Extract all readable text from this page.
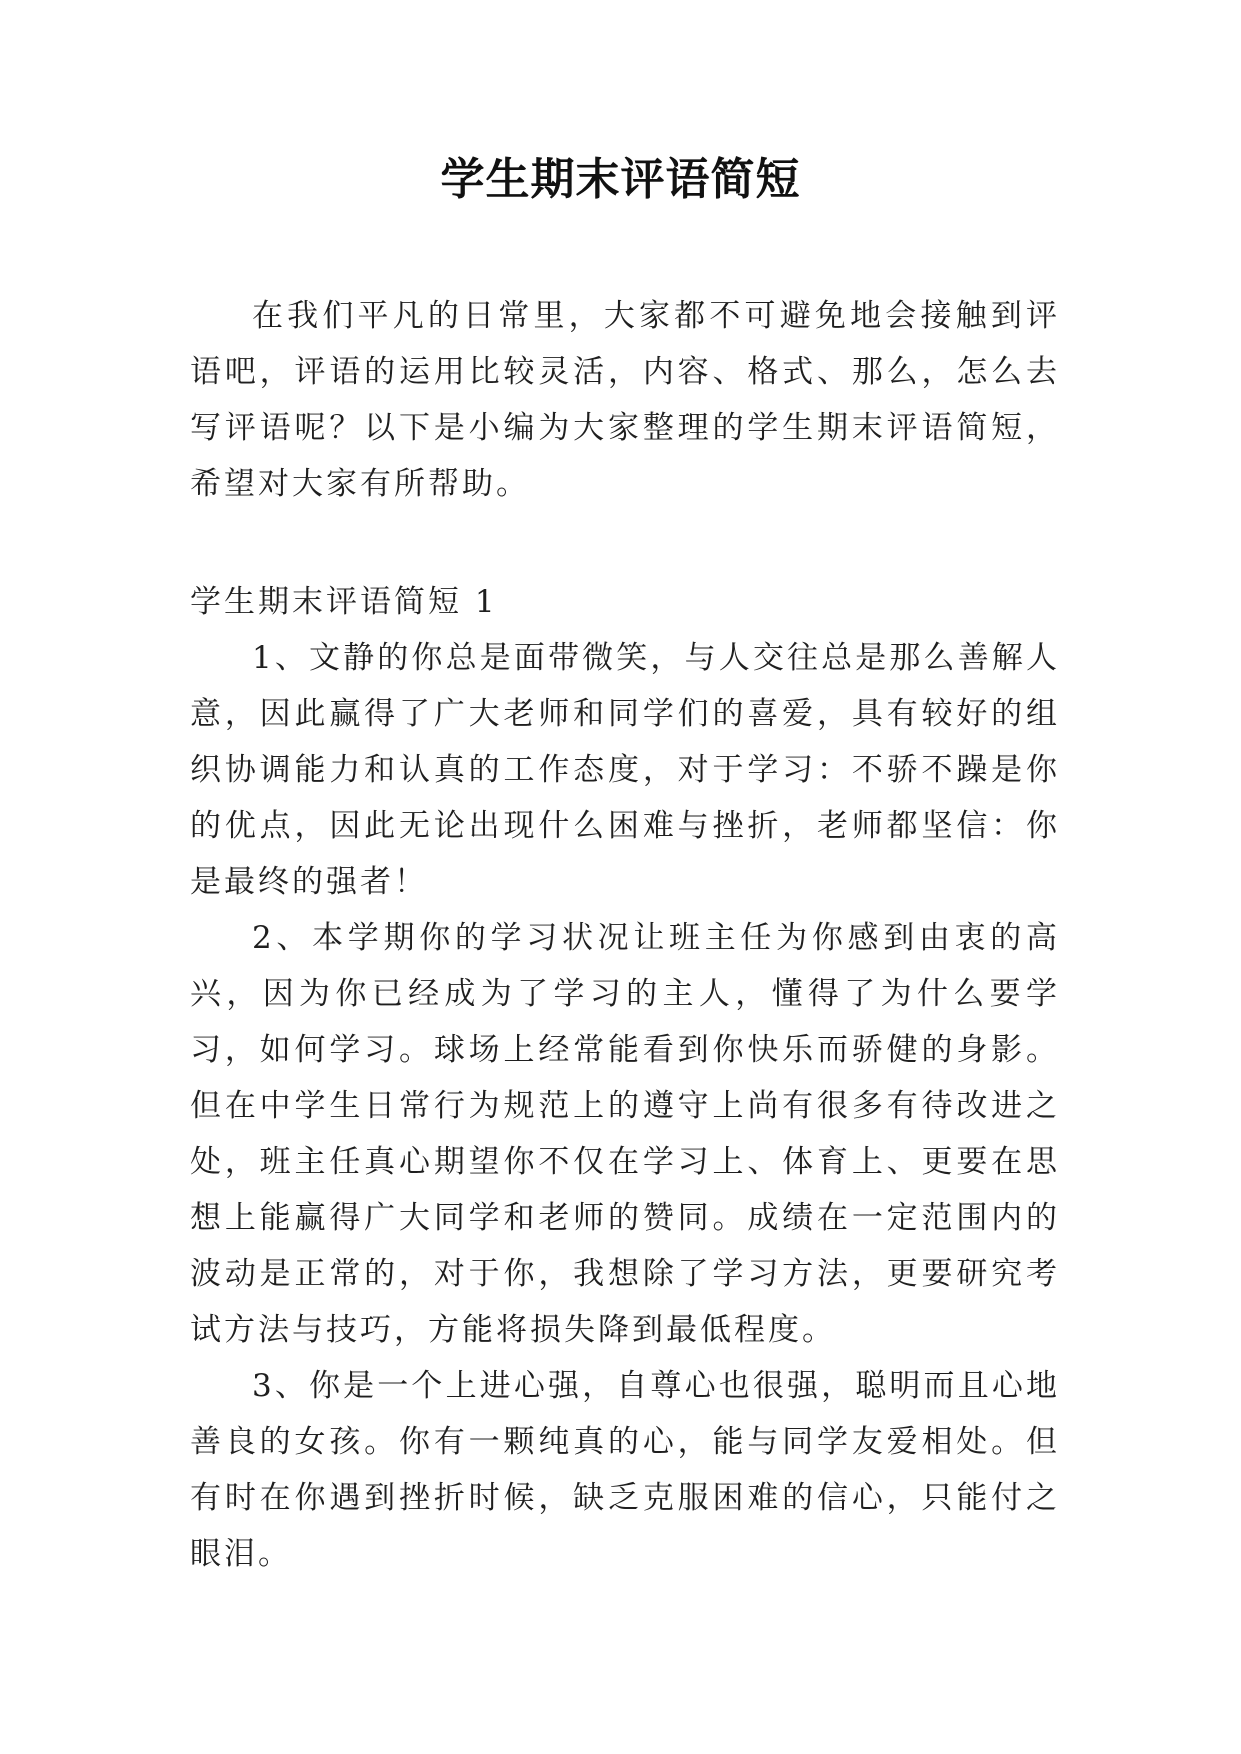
学生期末评语简短

在我们平凡的日常里，大家都不可避免地会接触到评语吧，评语的运用比较灵活，内容、格式、那么，怎么去写评语呢？以下是小编为大家整理的学生期末评语简短，希望对大家有所帮助。

学生期末评语简短 1

1、文静的你总是面带微笑，与人交往总是那么善解人意，因此赢得了广大老师和同学们的喜爱，具有较好的组织协调能力和认真的工作态度，对于学习：不骄不躁是你的优点，因此无论出现什么困难与挫折，老师都坚信：你是最终的强者！

2、本学期你的学习状况让班主任为你感到由衷的高兴，因为你已经成为了学习的主人，懂得了为什么要学习，如何学习。球场上经常能看到你快乐而骄健的身影。但在中学生日常行为规范上的遵守上尚有很多有待改进之处，班主任真心期望你不仅在学习上、体育上、更要在思想上能赢得广大同学和老师的赞同。成绩在一定范围内的波动是正常的，对于你，我想除了学习方法，更要研究考试方法与技巧，方能将损失降到最低程度。

3、你是一个上进心强，自尊心也很强，聪明而且心地善良的女孩。你有一颗纯真的心，能与同学友爱相处。但有时在你遇到挫折时候，缺乏克服困难的信心，只能付之眼泪。
